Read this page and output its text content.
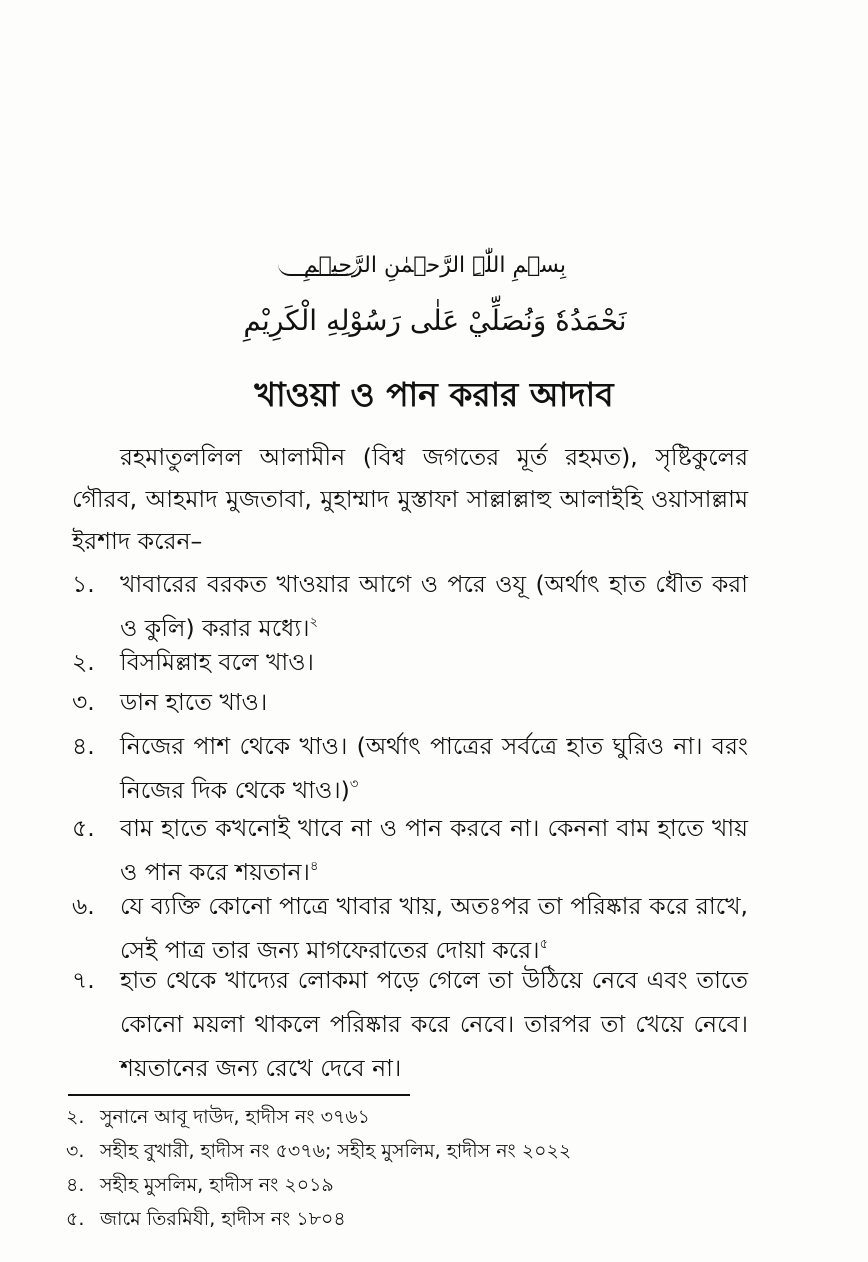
بِسۡمِ اللّٰہِ الرَّحۡمٰنِ الرَّحِیۡمِ
نَحْمَدُهٗ وَنُصَلِّيْ عَلٰى رَسُوْلِهِ الْكَرِيْمِ
খাওয়া ও পান করার আদাব

রহমাতুললিল আলামীন (বিশ্ব জগতের মূর্ত রহমত), সৃষ্টিকুলের গৌরব, আহমাদ মুজতাবা, মুহাম্মাদ মুস্তাফা সাল্লাল্লাহু আলাইহি ওয়াসাল্লাম ইরশাদ করেন–

১.	খাবারের বরকত খাওয়ার আগে ও পরে ওযূ (অর্থাৎ হাত ধৌত করা ও কুলি) করার মধ্যে।$^২$
২.	বিসমিল্লাহ বলে খাও।
৩.	ডান হাতে খাও।
৪.	নিজের পাশ থেকে খাও। (অর্থাৎ পাত্রের সর্বত্রে হাত ঘুরিও না। বরং নিজের দিক থেকে খাও।)$^৩$
৫.	বাম হাতে কখনোই খাবে না ও পান করবে না। কেননা বাম হাতে খায় ও পান করে শয়তান।$^৪$
৬.	যে ব্যক্তি কোনো পাত্রে খাবার খায়, অতঃপর তা পরিষ্কার করে রাখে, সেই পাত্র তার জন্য মাগফেরাতের দোয়া করে।$^৫$
৭.	হাত থেকে খাদ্যের লোকমা পড়ে গেলে তা উঠিয়ে নেবে এবং তাতে কোনো ময়লা থাকলে পরিষ্কার করে নেবে। তারপর তা খেয়ে নেবে। শয়তানের জন্য রেখে দেবে না।
২. সুনানে আবূ দাউদ, হাদীস নং ৩৭৬১
৩. সহীহ বুখারী, হাদীস নং ৫৩৭৬; সহীহ মুসলিম, হাদীস নং ২০২২
৪. সহীহ মুসলিম, হাদীস নং ২০১৯
৫. জামে তিরমিযী, হাদীস নং ১৮০৪
